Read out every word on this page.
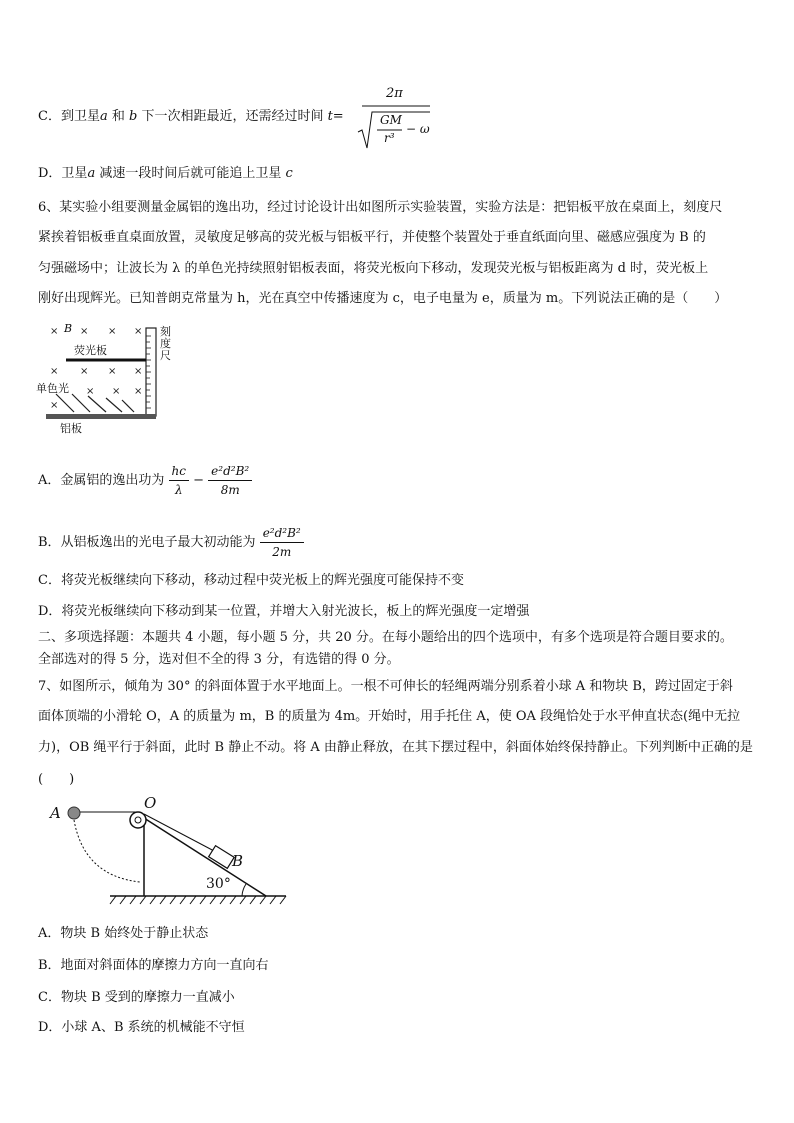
C．到卫星a 和 b 下一次相距最近，还需经过时间 t=
2π
GM
r³
− ω
D．卫星a 减速一段时间后就可能追上卫星 c
6、某实验小组要测量金属铝的逸出功，经过讨论设计出如图所示实验装置，实验方法是：把铝板平放在桌面上，刻度尺
紧挨着铝板垂直桌面放置，灵敏度足够高的荧光板与铝板平行，并使整个装置处于垂直纸面向里、磁感应强度为 B 的
匀强磁场中；让波长为 λ 的单色光持续照射铝板表面，将荧光板向下移动，发现荧光板与铝板距离为 d 时，荧光板上
刚好出现辉光。已知普朗克常量为 h，光在真空中传播速度为 c，电子电量为 e，质量为 m。下列说法正确的是（　　）
× × × ×
× × × ×
× × ×
×
B
荧光板
单色光
铝板
刻度尺
A．金属铝的逸出功为 $\frac{hc}{\lambda} - \frac{\text{e²d²B²}}{8m}$
B．从铝板逸出的光电子最大初动能为 $\frac{\text{e²d²B²}}{2m}$
C．将荧光板继续向下移动，移动过程中荧光板上的辉光强度可能保持不变
D．将荧光板继续向下移动到某一位置，并增大入射光波长，板上的辉光强度一定增强
二、多项选择题：本题共 4 小题，每小题 5 分，共 20 分。在每小题给出的四个选项中，有多个选项是符合题目要求的。
全部选对的得 5 分，选对但不全的得 3 分，有选错的得 0 分。
7、如图所示，倾角为 30° 的斜面体置于水平地面上。一根不可伸长的轻绳两端分别系着小球 A 和物块 B，跨过固定于斜
面体顶端的小滑轮 O，A 的质量为 m，B 的质量为 4m。开始时，用手托住 A，使 OA 段绳恰处于水平伸直状态(绳中无拉
力)，OB 绳平行于斜面，此时 B 静止不动。将 A 由静止释放，在其下摆过程中，斜面体始终保持静止。下列判断中正确的是
(　　)
A
O
B
30°
A．物块 B 始终处于静止状态
B．地面对斜面体的摩擦力方向一直向右
C．物块 B 受到的摩擦力一直减小
D．小球 A、B 系统的机械能不守恒
